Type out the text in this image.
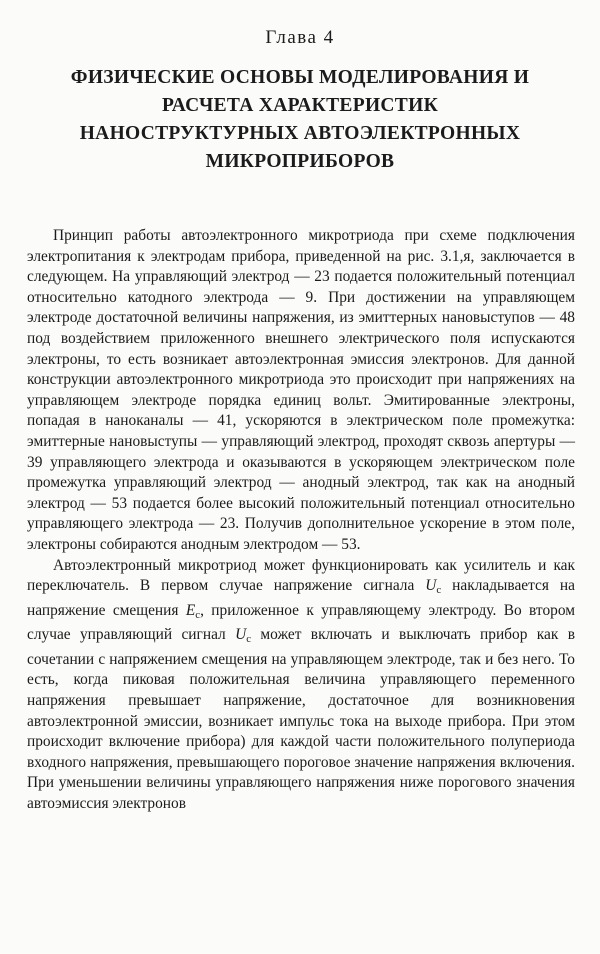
Глава 4
ФИЗИЧЕСКИЕ ОСНОВЫ МОДЕЛИРОВАНИЯ И
РАСЧЕТА ХАРАКТЕРИСТИК
НАНОСТРУКТУРНЫХ АВТОЭЛЕКТРОННЫХ
МИКРОПРИБОРОВ

Принцип работы автоэлектронного микротриода при схеме подключения электропитания к электродам прибора, приведенной на рис. 3.1,я, заключается в следующем. На управляющий электрод — 23 подается положительный потенциал относительно катодного электрода — 9. При достижении на управляющем электроде достаточной величины напряжения, из эмиттерных нановыступов — 48 под воздействием приложенного внешнего электрического поля испускаются электроны, то есть возникает автоэлектронная эмиссия электронов. Для данной конструкции автоэлектронного микротриода это происходит при напряжениях на управляющем электроде порядка единиц вольт. Эмитированные электроны, попадая в наноканалы — 41, ускоряются в электрическом поле промежутка: эмиттерные нановыступы — управляющий электрод, проходят сквозь апертуры — 39 управляющего электрода и оказываются в ускоряющем электрическом поле промежутка управляющий электрод — анодный электрод, так как на анодный электрод — 53 подается более высокий положительный потенциал относительно управляющего электрода — 23. Получив дополнительное ускорение в этом поле, электроны собираются анодным электродом — 53.

Автоэлектронный микротриод может функционировать как усилитель и как переключатель. В первом случае напряжение сигнала $U_c$ накладывается на напряжение смещения $E_c$, приложенное к управляющему электроду. Во втором случае управляющий сигнал $U_c$ может включать и выключать прибор как в сочетании с напряжением смещения на управляющем электроде, так и без него. То есть, когда пиковая положительная величина управляющего переменного напряжения превышает напряжение, достаточное для возникновения автоэлектронной эмиссии, возникает импульс тока на выходе прибора. При этом происходит включение прибора) для каждой части положительного полупериода входного напряжения, превышающего пороговое значение напряжения включения. При уменьшении величины управляющего напряжения ниже порогового значения автоэмиссия электронов
